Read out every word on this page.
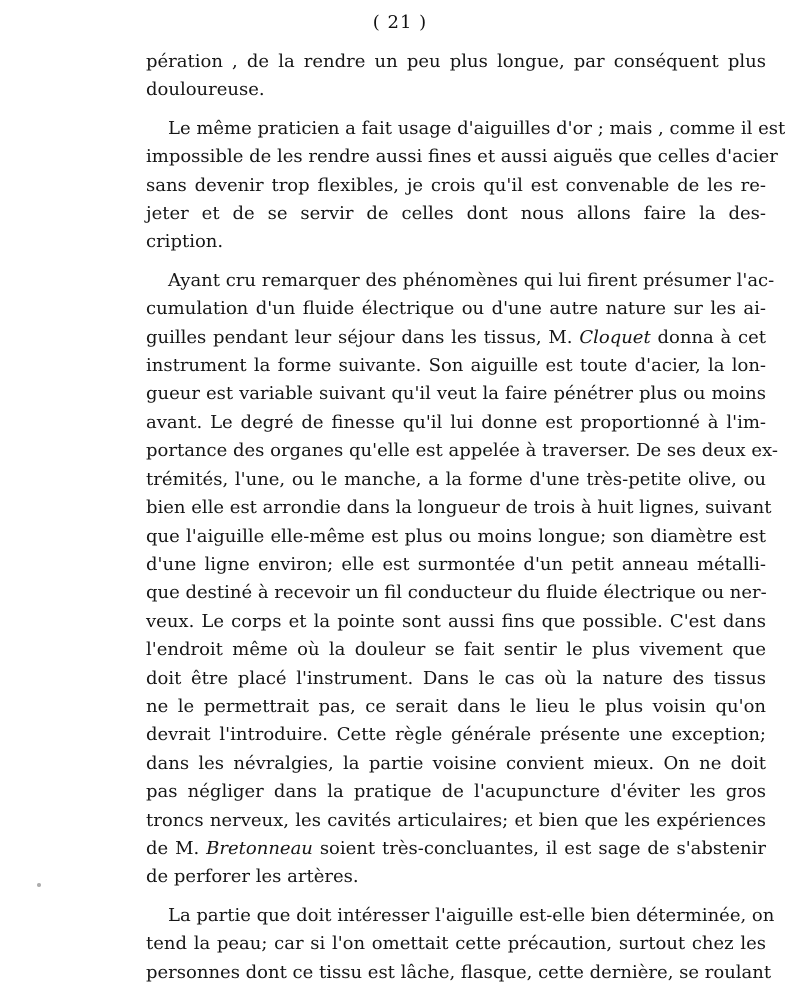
( 21 )
pération , de la rendre un peu plus longue, par conséquent plus
douloureuse.
Le même praticien a fait usage d'aiguilles d'or ; mais , comme il est
impossible de les rendre aussi fines et aussi aiguës que celles d'acier
sans devenir trop flexibles, je crois qu'il est convenable de les re-
jeter et de se servir de celles dont nous allons faire la des-
cription.
Ayant cru remarquer des phénomènes qui lui firent présumer l'ac-
cumulation d'un fluide électrique ou d'une autre nature sur les ai-
guilles pendant leur séjour dans les tissus, M. Cloquet donna à cet
instrument la forme suivante. Son aiguille est toute d'acier, la lon-
gueur est variable suivant qu'il veut la faire pénétrer plus ou moins
avant. Le degré de finesse qu'il lui donne est proportionné à l'im-
portance des organes qu'elle est appelée à traverser. De ses deux ex-
trémités, l'une, ou le manche, a la forme d'une très-petite olive, ou
bien elle est arrondie dans la longueur de trois à huit lignes, suivant
que l'aiguille elle-même est plus ou moins longue; son diamètre est
d'une ligne environ; elle est surmontée d'un petit anneau métalli-
que destiné à recevoir un fil conducteur du fluide électrique ou ner-
veux. Le corps et la pointe sont aussi fins que possible. C'est dans
l'endroit même où la douleur se fait sentir le plus vivement que
doit être placé l'instrument. Dans le cas où la nature des tissus
ne le permettrait pas, ce serait dans le lieu le plus voisin qu'on
devrait l'introduire. Cette règle générale présente une exception;
dans les névralgies, la partie voisine convient mieux. On ne doit
pas négliger dans la pratique de l'acupuncture d'éviter les gros
troncs nerveux, les cavités articulaires; et bien que les expériences
de M. Bretonneau soient très-concluantes, il est sage de s'abstenir
de perforer les artères.
La partie que doit intéresser l'aiguille est-elle bien déterminée, on
tend la peau; car si l'on omettait cette précaution, surtout chez les
personnes dont ce tissu est lâche, flasque, cette dernière, se roulant
